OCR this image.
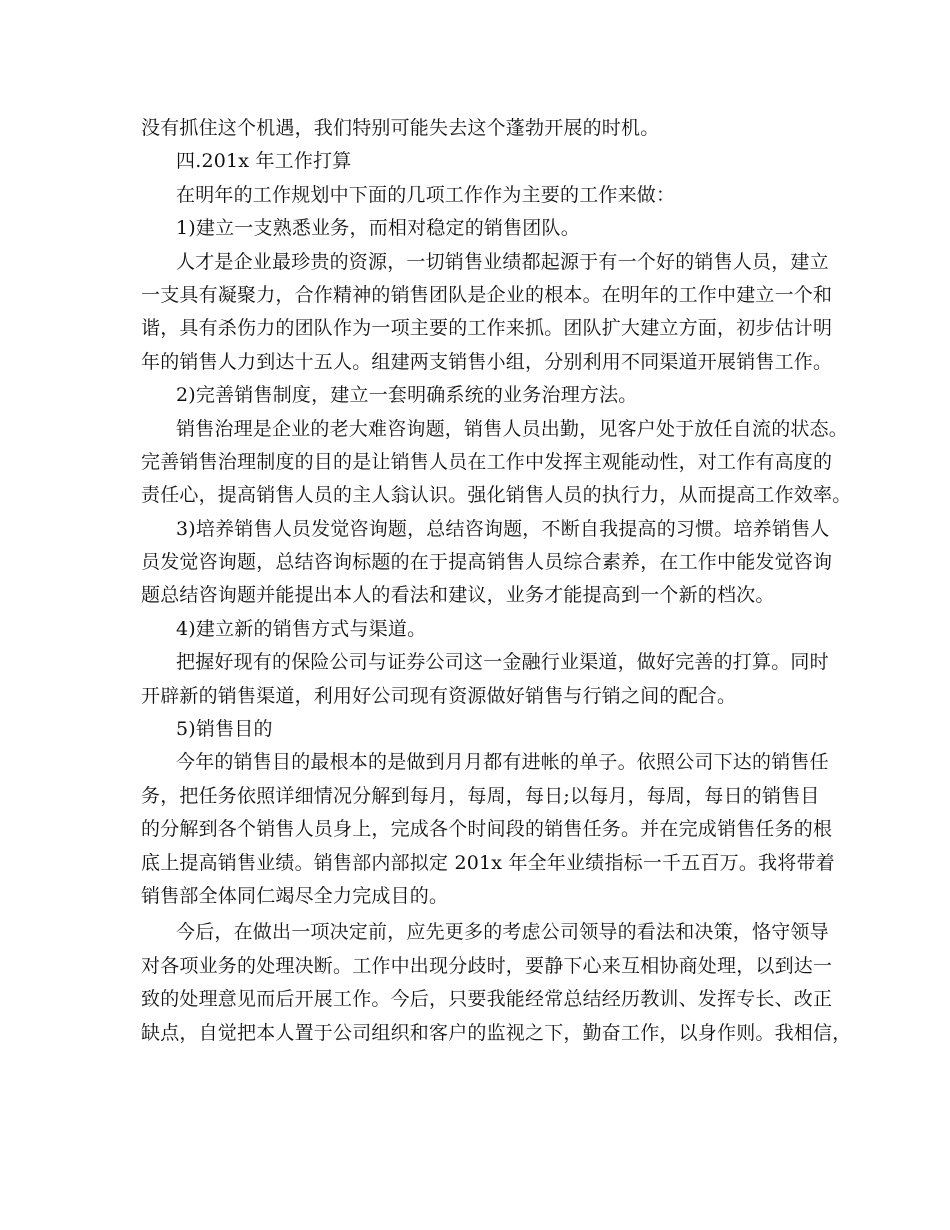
没有抓住这个机遇，我们特别可能失去这个蓬勃开展的时机。
四.201x 年工作打算
在明年的工作规划中下面的几项工作作为主要的工作来做：
1)建立一支熟悉业务，而相对稳定的销售团队。
人才是企业最珍贵的资源，一切销售业绩都起源于有一个好的销售人员，建立
一支具有凝聚力，合作精神的销售团队是企业的根本。在明年的工作中建立一个和
谐，具有杀伤力的团队作为一项主要的工作来抓。团队扩大建立方面，初步估计明
年的销售人力到达十五人。组建两支销售小组，分别利用不同渠道开展销售工作。
2)完善销售制度，建立一套明确系统的业务治理方法。
销售治理是企业的老大难咨询题，销售人员出勤，见客户处于放任自流的状态。
完善销售治理制度的目的是让销售人员在工作中发挥主观能动性，对工作有高度的
责任心，提高销售人员的主人翁认识。强化销售人员的执行力，从而提高工作效率。
3)培养销售人员发觉咨询题，总结咨询题，不断自我提高的习惯。培养销售人
员发觉咨询题，总结咨询标题的在于提高销售人员综合素养，在工作中能发觉咨询
题总结咨询题并能提出本人的看法和建议，业务才能提高到一个新的档次。
4)建立新的销售方式与渠道。
把握好现有的保险公司与证券公司这一金融行业渠道，做好完善的打算。同时
开辟新的销售渠道，利用好公司现有资源做好销售与行销之间的配合。
5)销售目的
今年的销售目的最根本的是做到月月都有进帐的单子。依照公司下达的销售任
务，把任务依照详细情况分解到每月，每周，每日;以每月，每周，每日的销售目
的分解到各个销售人员身上，完成各个时间段的销售任务。并在完成销售任务的根
底上提高销售业绩。销售部内部拟定 201x 年全年业绩指标一千五百万。我将带着
销售部全体同仁竭尽全力完成目的。
今后，在做出一项决定前，应先更多的考虑公司领导的看法和决策，恪守领导
对各项业务的处理决断。工作中出现分歧时，要静下心来互相协商处理，以到达一
致的处理意见而后开展工作。今后，只要我能经常总结经历教训、发挥专长、改正
缺点，自觉把本人置于公司组织和客户的监视之下，勤奋工作，以身作则。我相信，
